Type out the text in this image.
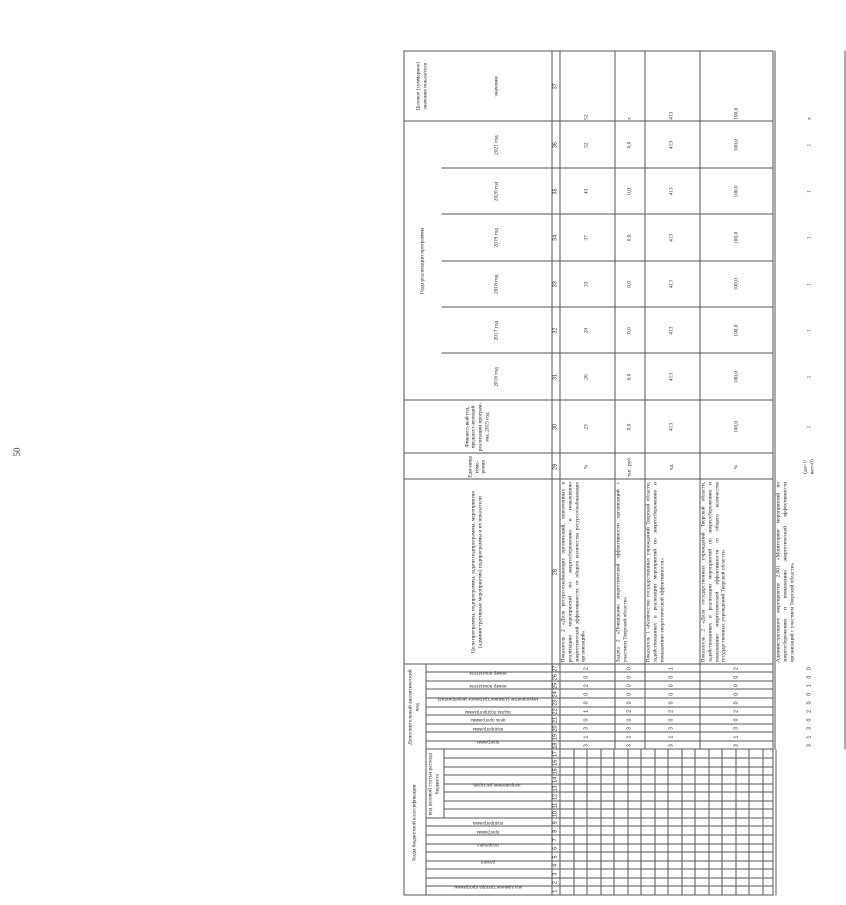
50
Коды бюджетной классификации
Дополнительный аналитический код
Цели программы, подпрограммы, задачи подпрограммы, мероприятия (административные мероприятия) подпрограммы и их показатели
Еди-ница изме-рения
Финансо-вый год, предшест-вующий реализации програм-мы, 2015 год
Годы реализации программы
Целевое (суммарное) значение показателя
код целевой статьи расхода бюджета
2016 год
2017 год
2018 год
2019 год
2020 год
2021 год
значение
код администратора программы
раздел
подраздел
программа
подпрограмма
направление расходов
программа
подпрограмма
цель программы
задача подпрограммы
мероприятие (административное мероприятие)
номер показателя
номер показателя
1
2
3
4
5
6
7
8
9
10
11
12
13
14
15
16
17
18
19
20
21
22
23
24
25
26
27
28
29
30
31
32
33
34
35
36
37
3
1
3
0
1
0
0
2
0
2
Показатель 2 «Доля ресурсоснабжающих организаций, вовлеченных в реализацию мероприятий по энергосбережению и повышению энергетической эффективности, от общего количества ресурсоснабжающих организаций»
%
23
26
28
33
37
43
52
52
3
1
3
0
2
0
0
0
0
0
Задача 2 «Повышение энергетической эффективности организаций с участием Тверской области»
тыс. руб.
0,0
0,0
0,0
0,0
0,0
0,0
0,0
х
3
1
3
0
2
0
0
0
0
1
Показатель 1 «Количество государственных учреждений Тверской области, задействованных в реализации мероприятий по энергосбережению и повышению энергетической эффективности»
ед.
413
413
413
413
413
413
413
413
3
1
3
0
2
0
0
0
0
2
Показатель 2 «Доля государственных учреждений Тверской области, задействованных в реализации мероприятий по энергосбережению и повышению энергетической эффективности от общего количества государственных учреждений Тверской области»
%
100,0
100,0
100,0
100,0
100,0
100,0
100,0
100,0
3
1
3
0
2
0
0
1
0
0
Административное мероприятие 2.001 «Мониторинг мероприятий по энергосбережению и повышению энергетической эффективности организаций с участием Тверской области»
(да=1/ нет=0)
1
1
1
1
1
1
1
х
